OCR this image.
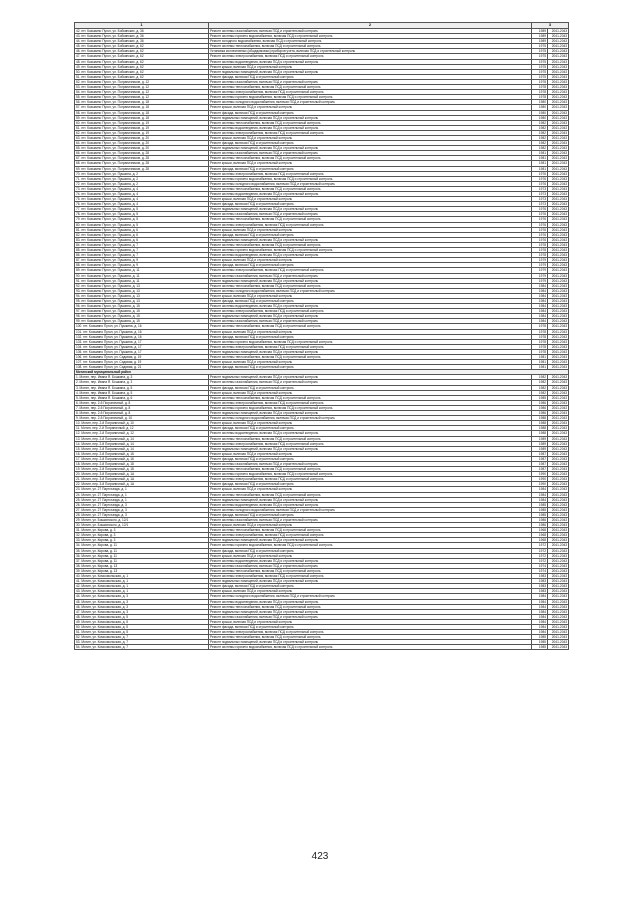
1	2	3	
42. пгт. Козьмино Пугол, ул. Бобкинских, д. 36	Ремонт системы газоснабжения, включая ПСД и строительный контроль	1989	2041-2043
43. пгт. Козьмино Пугол, ул. Бобкинских, д. 36	Ремонт системы горячего водоснабжения, включая ПСД и строительный контроль	1989	2041-2043
44. пгт. Козьмино Пугол, ул. Бобкинских, д. 36	Ремонт холодного водоснабжения, включая ПСД и строительный контроль	1989	2041-2043
45. пгт. Козьмино Пугол, ул. Бобкинских, д. 62	Ремонт системы теплоснабжения, включая ПСД и строительный контроль	1975	2041-2043
46. пгт. Козьмино Пугол, ул. Бобкинских, д. 62	Установка коллективных (общедомовых) приборов учета, включая ПСД и строительный контроль	1975	2041-2043
47. пгт. Козьмино Пугол, ул. Бобкинских, д. 62	Ремонт системы электроснабжения, включая ПСД и строительный контроль	1975	2041-2043
48. пгт. Козьмино Пугол, ул. Бобкинских, д. 62	Ремонт системы водоотведения, включая ПСД и строительный контроль	1975	2041-2043
49. пгт. Козьмино Пугол, ул. Бобкинских, д. 62	Ремонт крыши, включая ПСД и строительный контроль	1975	2041-2043
50. пгт. Козьмино Пугол, ул. Бобкинских, д. 62	Ремонт подвальных помещений, включая ПСД и строительный контроль	1975	2041-2043
51. пгт. Козьмино Пугол, ул. Бобкинских, д. 62	Ремонт фасада, включая ПСД и строительный контроль	1975	2041-2043
52. пгт. Козьмино Пугол, ул. Пограничников, д. 12	Ремонт системы газоснабжения, включая ПСД и строительный контроль	1978	2041-2043
53. пгт. Козьмино Пугол, ул. Пограничников, д. 12	Ремонт системы теплоснабжения, включая ПСД и строительный контроль	1978	2041-2043
54. пгт. Козьмино Пугол, ул. Пограничников, д. 12	Ремонт системы электроснабжения, включая ПСД и строительный контроль	1978	2041-2043
55. пгт. Козьмино Пугол, ул. Пограничников, д. 12	Ремонт системы горячего водоснабжения, включая ПСД и строительный контроль	1978	2041-2043
56. пгт. Козьмино Пугол, ул. Пограничников, д. 18	Ремонт системы холодного водоснабжения, включая ПСД и строительный контроль	1980	2041-2043
57. пгт. Козьмино Пугол, ул. Пограничников, д. 18	Ремонт крыши, включая ПСД и строительный контроль	1980	2041-2043
58. пгт. Козьмино Пугол, ул. Пограничников, д. 18	Ремонт фасада, включая ПСД и строительный контроль	1980	2041-2043
59. пгт. Козьмино Пугол, ул. Пограничников, д. 18	Ремонт подвальных помещений, включая ПСД и строительный контроль	1980	2041-2043
60. пгт. Козьмино Пугол, ул. Пограничников, д. 19	Ремонт системы теплоснабжения, включая ПСД и строительный контроль	1982	2041-2043
61. пгт. Козьмино Пугол, ул. Пограничников, д. 19	Ремонт системы водоотведения, включая ПСД и строительный контроль	1982	2041-2043
62. пгт. Козьмино Пугол, ул. Пограничников, д. 19	Ремонт системы электроснабжения, включая ПСД и строительный контроль	1982	2041-2043
63. пгт. Козьмино Пугол, ул. Пограничников, д. 20	Ремонт крыши, включая ПСД и строительный контроль	1982	2041-2043
64. пгт. Козьмино Пугол, ул. Пограничников, д. 20	Ремонт фасада, включая ПСД и строительный контроль	1982	2041-2043
65. пгт. Козьмино Пугол, ул. Пограничников, д. 20	Ремонт подвальных помещений, включая ПСД и строительный контроль	1982	2041-2043
66. пгт. Козьмино Пугол, ул. Пограничников, д. 28	Ремонт системы газоснабжения, включая ПСД и строительный контроль	1981	2041-2043
67. пгт. Козьмино Пугол, ул. Пограничников, д. 28	Ремонт системы теплоснабжения, включая ПСД и строительный контроль	1981	2041-2043
68. пгт. Козьмино Пугол, ул. Пограничников, д. 28	Ремонт крыши, включая ПСД и строительный контроль	1981	2041-2043
69. пгт. Козьмино Пугол, ул. Пограничников, д. 28	Ремонт фасада, включая ПСД и строительный контроль	1981	2041-2043
70. пгт. Козьмино Пугол, ул. Пушкина, д. 2	Ремонт системы электроснабжения, включая ПСД и строительный контроль	1976	2041-2043
71. пгт. Козьмино Пугол, ул. Пушкина, д. 2	Ремонт системы горячего водоснабжения, включая ПСД и строительный контроль	1976	2041-2043
72. пгт. Козьмино Пугол, ул. Пушкина, д. 2	Ремонт системы холодного водоснабжения, включая ПСД и строительный контроль	1976	2041-2043
73. пгт. Козьмино Пугол, ул. Пушкина, д. 4	Ремонт системы теплоснабжения, включая ПСД и строительный контроль	1973	2041-2043
74. пгт. Козьмино Пугол, ул. Пушкина, д. 4	Ремонт системы водоотведения, включая ПСД и строительный контроль	1973	2041-2043
75. пгт. Козьмино Пугол, ул. Пушкина, д. 4	Ремонт крыши, включая ПСД и строительный контроль	1973	2041-2043
76. пгт. Козьмино Пугол, ул. Пушкина, д. 4	Ремонт фасада, включая ПСД и строительный контроль	1973	2041-2043
77. пгт. Козьмино Пугол, ул. Пушкина, д. 5	Ремонт подвальных помещений, включая ПСД и строительный контроль	1976	2041-2043
78. пгт. Козьмино Пугол, ул. Пушкина, д. 5	Ремонт системы газоснабжения, включая ПСД и строительный контроль	1976	2041-2043
79. пгт. Козьмино Пугол, ул. Пушкина, д. 5	Ремонт системы теплоснабжения, включая ПСД и строительный контроль	1976	2041-2043
80. пгт. Козьмино Пугол, ул. Пушкина, д. 5	Ремонт системы электроснабжения, включая ПСД и строительный контроль	1976	2041-2043
81. пгт. Козьмино Пугол, ул. Пушкина, д. 6	Ремонт крыши, включая ПСД и строительный контроль	1976	2041-2043
82. пгт. Козьмино Пугол, ул. Пушкина, д. 6	Ремонт фасада, включая ПСД и строительный контроль	1976	2041-2043
83. пгт. Козьмино Пугол, ул. Пушкина, д. 6	Ремонт подвальных помещений, включая ПСД и строительный контроль	1976	2041-2043
84. пгт. Козьмино Пугол, ул. Пушкина, д. 7	Ремонт системы теплоснабжения, включая ПСД и строительный контроль	1978	2041-2043
85. пгт. Козьмино Пугол, ул. Пушкина, д. 7	Ремонт системы горячего водоснабжения, включая ПСД и строительный контроль	1978	2041-2043
86. пгт. Козьмино Пугол, ул. Пушкина, д. 7	Ремонт системы водоотведения, включая ПСД и строительный контроль	1978	2041-2043
87. пгт. Козьмино Пугол, ул. Пушкина, д. 9	Ремонт крыши, включая ПСД и строительный контроль	1979	2041-2043
88. пгт. Козьмино Пугол, ул. Пушкина, д. 9	Ремонт фасада, включая ПСД и строительный контроль	1979	2041-2043
89. пгт. Козьмино Пугол, ул. Пушкина, д. 11	Ремонт системы электроснабжения, включая ПСД и строительный контроль	1979	2041-2043
90. пгт. Козьмино Пугол, ул. Пушкина, д. 11	Ремонт системы газоснабжения, включая ПСД и строительный контроль	1979	2041-2043
91. пгт. Козьмино Пугол, ул. Пушкина, д. 11	Ремонт подвальных помещений, включая ПСД и строительный контроль	1979	2041-2043
92. пгт. Козьмино Пугол, ул. Пушкина, д. 13	Ремонт системы теплоснабжения, включая ПСД и строительный контроль	1984	2041-2043
93. пгт. Козьмино Пугол, ул. Пушкина, д. 13	Ремонт системы холодного водоснабжения, включая ПСД и строительный контроль	1984	2041-2043
94. пгт. Козьмино Пугол, ул. Пушкина, д. 13	Ремонт крыши, включая ПСД и строительный контроль	1984	2041-2043
95. пгт. Козьмино Пугол, ул. Пушкина, д. 13	Ремонт фасада, включая ПСД и строительный контроль	1984	2041-2043
96. пгт. Козьмино Пугол, ул. Пушкина, д. 15	Ремонт системы водоотведения, включая ПСД и строительный контроль	1984	2041-2043
97. пгт. Козьмино Пугол, ул. Пушкина, д. 15	Ремонт системы электроснабжения, включая ПСД и строительный контроль	1984	2041-2043
98. пгт. Козьмино Пугол, ул. Пушкина, д. 15	Ремонт подвальных помещений, включая ПСД и строительный контроль	1984	2041-2043
99. пгт. Козьмино Пугол, ул. Пушкина, д. 15	Ремонт системы газоснабжения, включая ПСД и строительный контроль	1984	2041-2043
100. пгт. Козьмино Пугол, ул. Пушкина, д. 16	Ремонт системы теплоснабжения, включая ПСД и строительный контроль	1978	2041-2043
101. пгт. Козьмино Пугол, ул. Пушкина, д. 16	Ремонт крыши, включая ПСД и строительный контроль	1978	2041-2043
102. пгт. Козьмино Пугол, ул. Пушкина, д. 16	Ремонт фасада, включая ПСД и строительный контроль	1978	2041-2043
103. пгт. Козьмино Пугол, ул. Пушкина, д. 17	Ремонт системы горячего водоснабжения, включая ПСД и строительный контроль	1978	2041-2043
104. пгт. Козьмино Пугол, ул. Пушкина, д. 17	Ремонт системы электроснабжения, включая ПСД и строительный контроль	1978	2041-2043
105. пгт. Козьмино Пугол, ул. Пушкина, д. 17	Ремонт подвальных помещений, включая ПСД и строительный контроль	1978	2041-2043
106. пгт. Козьмино Пугол, ул. Садовая, д. 19	Ремонт системы теплоснабжения, включая ПСД и строительный контроль	1981	2041-2043
107. пгт. Козьмино Пугол, ул. Садовая, д. 19	Ремонт крыши, включая ПСД и строительный контроль	1981	2041-2043
108. пгт. Козьмино Пугол, ул. Садовая, д. 21	Ремонт фасада, включая ПСД и строительный контроль	1981	2041-2043
Мотинский муниципальный район			
1. Мотин, пер. Ивана Я. Бошкина, д. 3	Ремонт подвальных помещений, включая ПСД и строительный контроль	1982	2041-2043
2. Мотин, пер. Ивана Я. Бошкина, д. 3	Ремонт системы газоснабжения, включая ПСД и строительный контроль	1982	2041-2043
3. Мотин, пер. Ивана Я. Бошкина, д. 5	Ремонт фасада, включая ПСД и строительный контроль	1982	2041-2043
4. Мотин, пер. Ивана Я. Бошкина, д. 5	Ремонт крыши, включая ПСД и строительный контроль	1982	2041-2043
5. Мотин, пер. Ивана Я. Бошкина, д. 6	Ремонт системы теплоснабжения, включая ПСД и строительный контроль	1985	2041-2043
6. Мотин, пер. 2-й Пограничный, д. 8	Ремонт системы электроснабжения, включая ПСД и строительный контроль	1986	2041-2043
7. Мотин, пер. 2-й Пограничный, д. 8	Ремонт системы горячего водоснабжения, включая ПСД и строительный контроль	1986	2041-2043
8. Мотин, пер. 2-й Пограничный, д. 8	Ремонт подвальных помещений, включая ПСД и строительный контроль	1986	2041-2043
9. Мотин, пер. 2-й Пограничный, д. 10	Ремонт системы холодного водоснабжения, включая ПСД и строительный контроль	1988	2041-2043
10. Мотин, пер. 2-й Пограничный, д. 10	Ремонт крыши, включая ПСД и строительный контроль	1988	2041-2043
11. Мотин, пер. 2-й Пограничный, д. 12	Ремонт фасада, включая ПСД и строительный контроль	1988	2041-2043
12. Мотин, пер. 2-й Пограничный, д. 12	Ремонт системы водоотведения, включая ПСД и строительный контроль	1988	2041-2043
13. Мотин, пер. 2-й Пограничный, д. 14	Ремонт системы теплоснабжения, включая ПСД и строительный контроль	1989	2041-2043
14. Мотин, пер. 2-й Пограничный, д. 14	Ремонт системы электроснабжения, включая ПСД и строительный контроль	1989	2041-2043
15. Мотин, пер. 2-й Пограничный, д. 14	Ремонт подвальных помещений, включая ПСД и строительный контроль	1989	2041-2043
16. Мотин, пер. 2-й Пограничный, д. 16	Ремонт крыши, включая ПСД и строительный контроль	1987	2041-2043
17. Мотин, пер. 2-й Пограничный, д. 16	Ремонт фасада, включая ПСД и строительный контроль	1987	2041-2043
18. Мотин, пер. 2-й Пограничный, д. 18	Ремонт системы газоснабжения, включая ПСД и строительный контроль	1987	2041-2043
19. Мотин, пер. 2-й Пограничный, д. 18	Ремонт системы теплоснабжения, включая ПСД и строительный контроль	1987	2041-2043
20. Мотин, пер. 3-й Пограничный, д. 1А	Ремонт системы горячего водоснабжения, включая ПСД и строительный контроль	1990	2041-2043
21. Мотин, пер. 3-й Пограничный, д. 1А	Ремонт системы электроснабжения, включая ПСД и строительный контроль	1990	2041-2043
22. Мотин, пер. 3-й Пограничный, д. 1А	Ремонт фасада, включая ПСД и строительный контроль	1990	2041-2043
23. Мотин, ул. 27 Партсъезда, д. 1	Ремонт крыши, включая ПСД и строительный контроль	1984	2041-2043
24. Мотин, ул. 27 Партсъезда, д. 1	Ремонт системы теплоснабжения, включая ПСД и строительный контроль	1984	2041-2043
25. Мотин, ул. 27 Партсъезда, д. 1	Ремонт подвальных помещений, включая ПСД и строительный контроль	1984	2041-2043
26. Мотин, ул. 27 Партсъезда, д. 3	Ремонт системы водоотведения, включая ПСД и строительный контроль	1985	2041-2043
27. Мотин, ул. 27 Партсъезда, д. 3	Ремонт системы холодного водоснабжения, включая ПСД и строительный контроль	1985	2041-2043
28. Мотин, ул. 27 Партсъезда, д. 3	Ремонт фасада, включая ПСД и строительный контроль	1985	2041-2043
29. Мотин, ул. Бошкинского, д. 12/1	Ремонт системы газоснабжения, включая ПСД и строительный контроль	1986	2041-2043
30. Мотин, ул. Бошкинского, д. 12/1	Ремонт крыши, включая ПСД и строительный контроль	1986	2041-2043
31. Мотин, ул. Кирова, д. 3	Ремонт системы теплоснабжения, включая ПСД и строительный контроль	1968	2041-2043
32. Мотин, ул. Кирова, д. 3	Ремонт системы электроснабжения, включая ПСД и строительный контроль	1968	2041-2043
33. Мотин, ул. Кирова, д. 3	Ремонт подвальных помещений, включая ПСД и строительный контроль	1968	2041-2043
34. Мотин, ул. Кирова, д. 11	Ремонт системы горячего водоснабжения, включая ПСД и строительный контроль	1972	2041-2043
35. Мотин, ул. Кирова, д. 11	Ремонт фасада, включая ПСД и строительный контроль	1972	2041-2043
36. Мотин, ул. Кирова, д. 11	Ремонт крыши, включая ПСД и строительный контроль	1972	2041-2043
37. Мотин, ул. Кирова, д. 11	Ремонт системы водоотведения, включая ПСД и строительный контроль	1972	2041-2043
38. Мотин, ул. Кирова, д. 13	Ремонт системы газоснабжения, включая ПСД и строительный контроль	1974	2041-2043
39. Мотин, ул. Кирова, д. 13	Ремонт системы теплоснабжения, включая ПСД и строительный контроль	1974	2041-2043
40. Мотин, ул. Комсомольская, д. 1	Ремонт системы электроснабжения, включая ПСД и строительный контроль	1983	2041-2043
41. Мотин, ул. Комсомольская, д. 1	Ремонт подвальных помещений, включая ПСД и строительный контроль	1983	2041-2043
42. Мотин, ул. Комсомольская, д. 1	Ремонт фасада, включая ПСД и строительный контроль	1983	2041-2043
43. Мотин, ул. Комсомольская, д. 1	Ремонт крыши, включая ПСД и строительный контроль	1983	2041-2043
44. Мотин, ул. Комсомольская, д. 3	Ремонт системы холодного водоснабжения, включая ПСД и строительный контроль	1984	2041-2043
45. Мотин, ул. Комсомольская, д. 3	Ремонт системы водоотведения, включая ПСД и строительный контроль	1984	2041-2043
46. Мотин, ул. Комсомольская, д. 3	Ремонт системы теплоснабжения, включая ПСД и строительный контроль	1984	2041-2043
47. Мотин, ул. Комсомольская, д. 3	Ремонт подвальных помещений, включая ПСД и строительный контроль	1984	2041-2043
48. Мотин, ул. Комсомольская, д. 5	Ремонт системы газоснабжения, включая ПСД и строительный контроль	1984	2041-2043
49. Мотин, ул. Комсомольская, д. 5	Ремонт крыши, включая ПСД и строительный контроль	1984	2041-2043
50. Мотин, ул. Комсомольская, д. 5	Ремонт фасада, включая ПСД и строительный контроль	1984	2041-2043
51. Мотин, ул. Комсомольская, д. 5	Ремонт системы электроснабжения, включая ПСД и строительный контроль	1984	2041-2043
52. Мотин, ул. Комсомольская, д. 7	Ремонт системы теплоснабжения, включая ПСД и строительный контроль	1985	2041-2043
53. Мотин, ул. Комсомольская, д. 7	Ремонт подвальных помещений, включая ПСД и строительный контроль	1985	2041-2043
54. Мотин, ул. Комсомольская, д. 7	Ремонт системы горячего водоснабжения, включая ПСД и строительный контроль	1985	2041-2043
423
